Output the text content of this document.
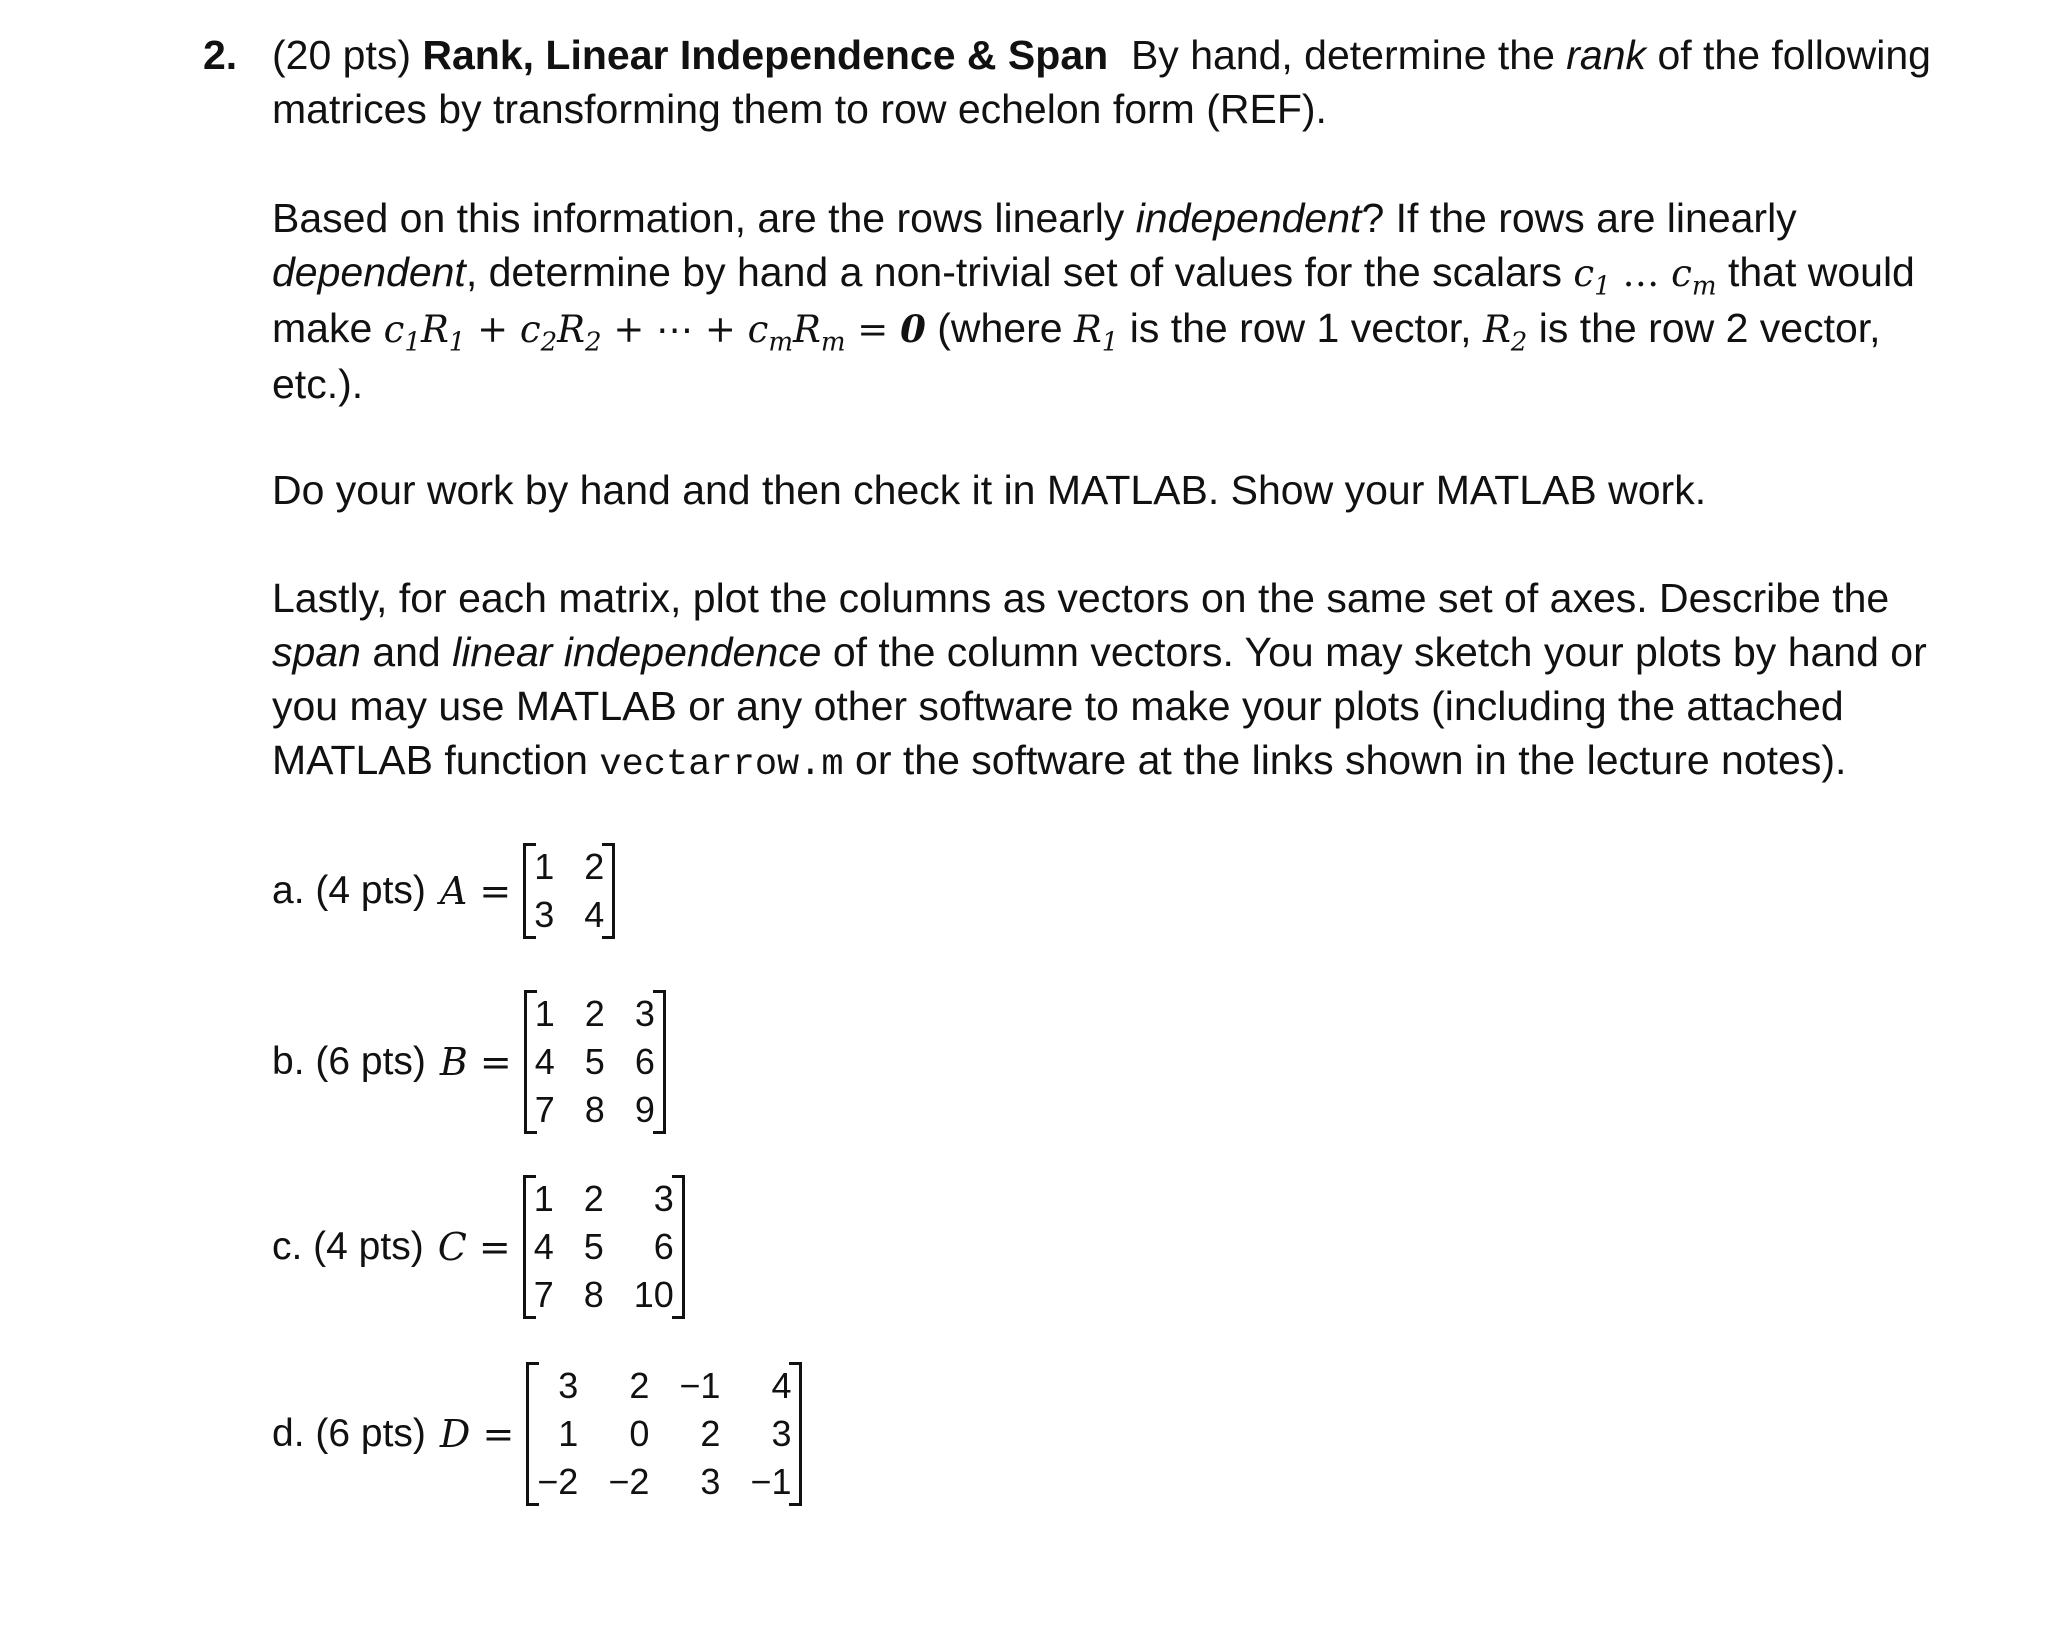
2. (20 pts) Rank, Linear Independence & Span  By hand, determine the rank of the following matrices by transforming them to row echelon form (REF).
Based on this information, are the rows linearly independent? If the rows are linearly dependent, determine by hand a non-trivial set of values for the scalars $c_1$ … $c_m$ that would make $c_1R_1 + c_2R_2$ + ⋯ + $c_mR_m = 0$ (where $R_1$ is the row 1 vector, $R_2$ is the row 2 vector, etc.).
Do your work by hand and then check it in MATLAB. Show your MATLAB work.
Lastly, for each matrix, plot the columns as vectors on the same set of axes. Describe the span and linear independence of the column vectors. You may sketch your plots by hand or you may use MATLAB or any other software to make your plots (including the attached MATLAB function vectarrow.m or the software at the links shown in the lecture notes).
a. (4 pts) A =
1 2
3 4
b. (6 pts) B =
1 2 3
4 5 6
7 8 9
c. (4 pts) C =
1 2	3
4 5	6
7 8 10
d. (6 pts) D =
3	2 −1	4
1	0	2	3
−2 −2	3 −1
